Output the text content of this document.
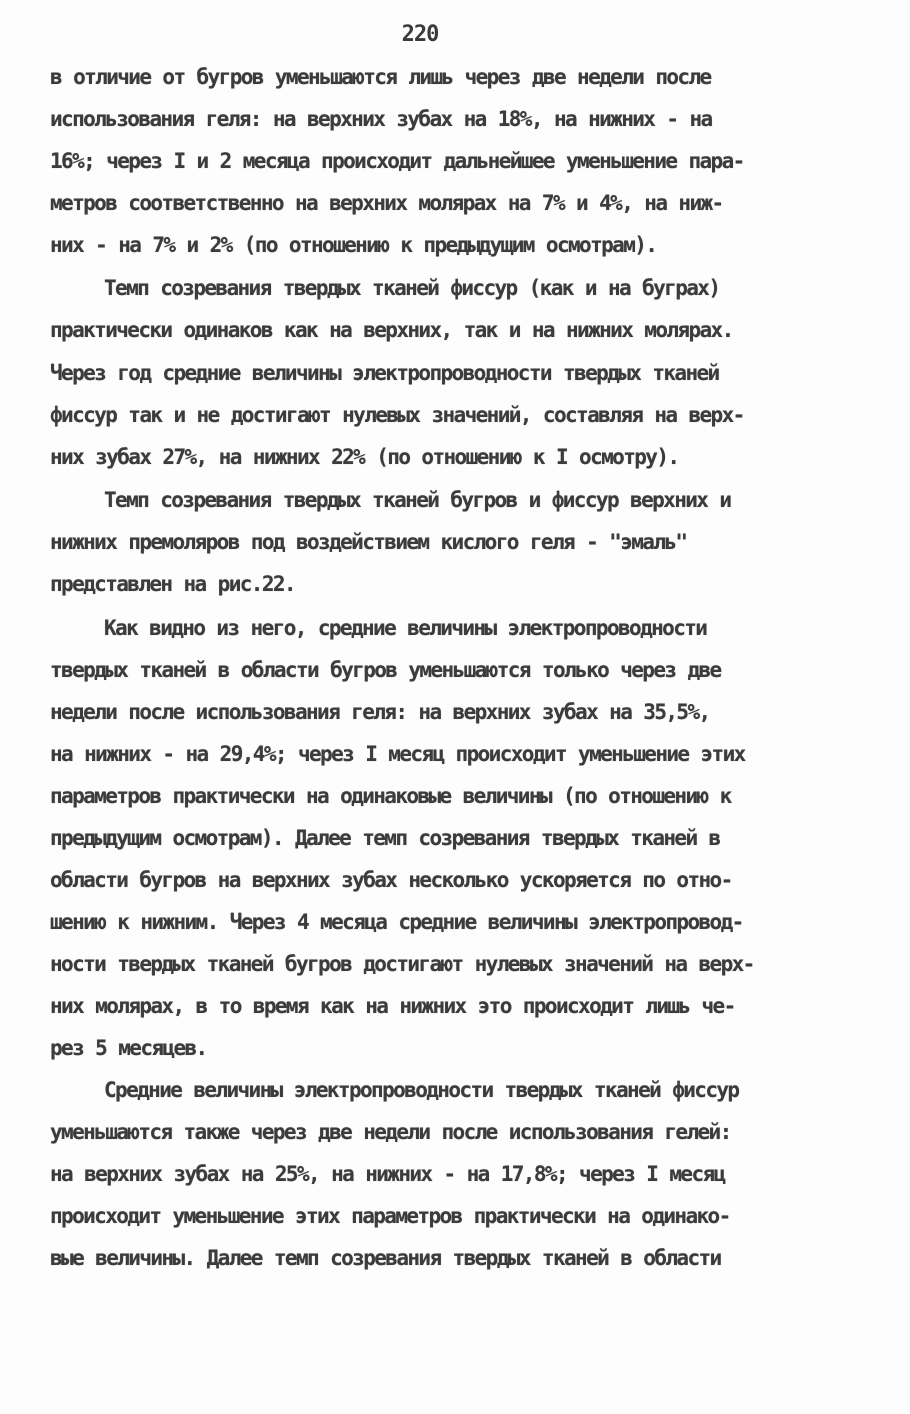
220
в отличие от бугров уменьшаются лишь через две недели после
использования геля: на верхних зубах на 18%, на нижних - на
16%; через I и 2 месяца происходит дальнейшее уменьшение пара-
метров соответственно на верхних молярах на 7% и 4%, на ниж-
них - на 7% и 2% (по отношению к предыдущим осмотрам).
Темп созревания твердых тканей фиссур (как и на буграх)
практически одинаков как на верхних, так и на нижних молярах.
Через год средние величины электропроводности твердых тканей
фиссур так и не достигают нулевых значений, составляя на верх-
них зубах 27%, на нижних 22% (по отношению к I осмотру).
Темп созревания твердых тканей бугров и фиссур верхних и
нижних премоляров под воздействием кислого геля - "эмаль"
представлен на рис.22.
Как видно из него, средние величины электропроводности
твердых тканей в области бугров уменьшаются только через две
недели после использования геля: на верхних зубах на 35,5%,
на нижних - на 29,4%; через I месяц происходит уменьшение этих
параметров практически на одинаковые величины (по отношению к
предыдущим осмотрам). Далее темп созревания твердых тканей в
области бугров на верхних зубах несколько ускоряется по отно-
шению к нижним. Через 4 месяца средние величины электропровод-
ности твердых тканей бугров достигают нулевых значений на верх-
них молярах, в то время как на нижних это происходит лишь че-
рез 5 месяцев.
Средние величины электропроводности твердых тканей фиссур
уменьшаются также через две недели после использования гелей:
на верхних зубах на 25%, на нижних - на 17,8%; через I месяц
происходит уменьшение этих параметров практически на одинако-
вые величины. Далее темп созревания твердых тканей в области
